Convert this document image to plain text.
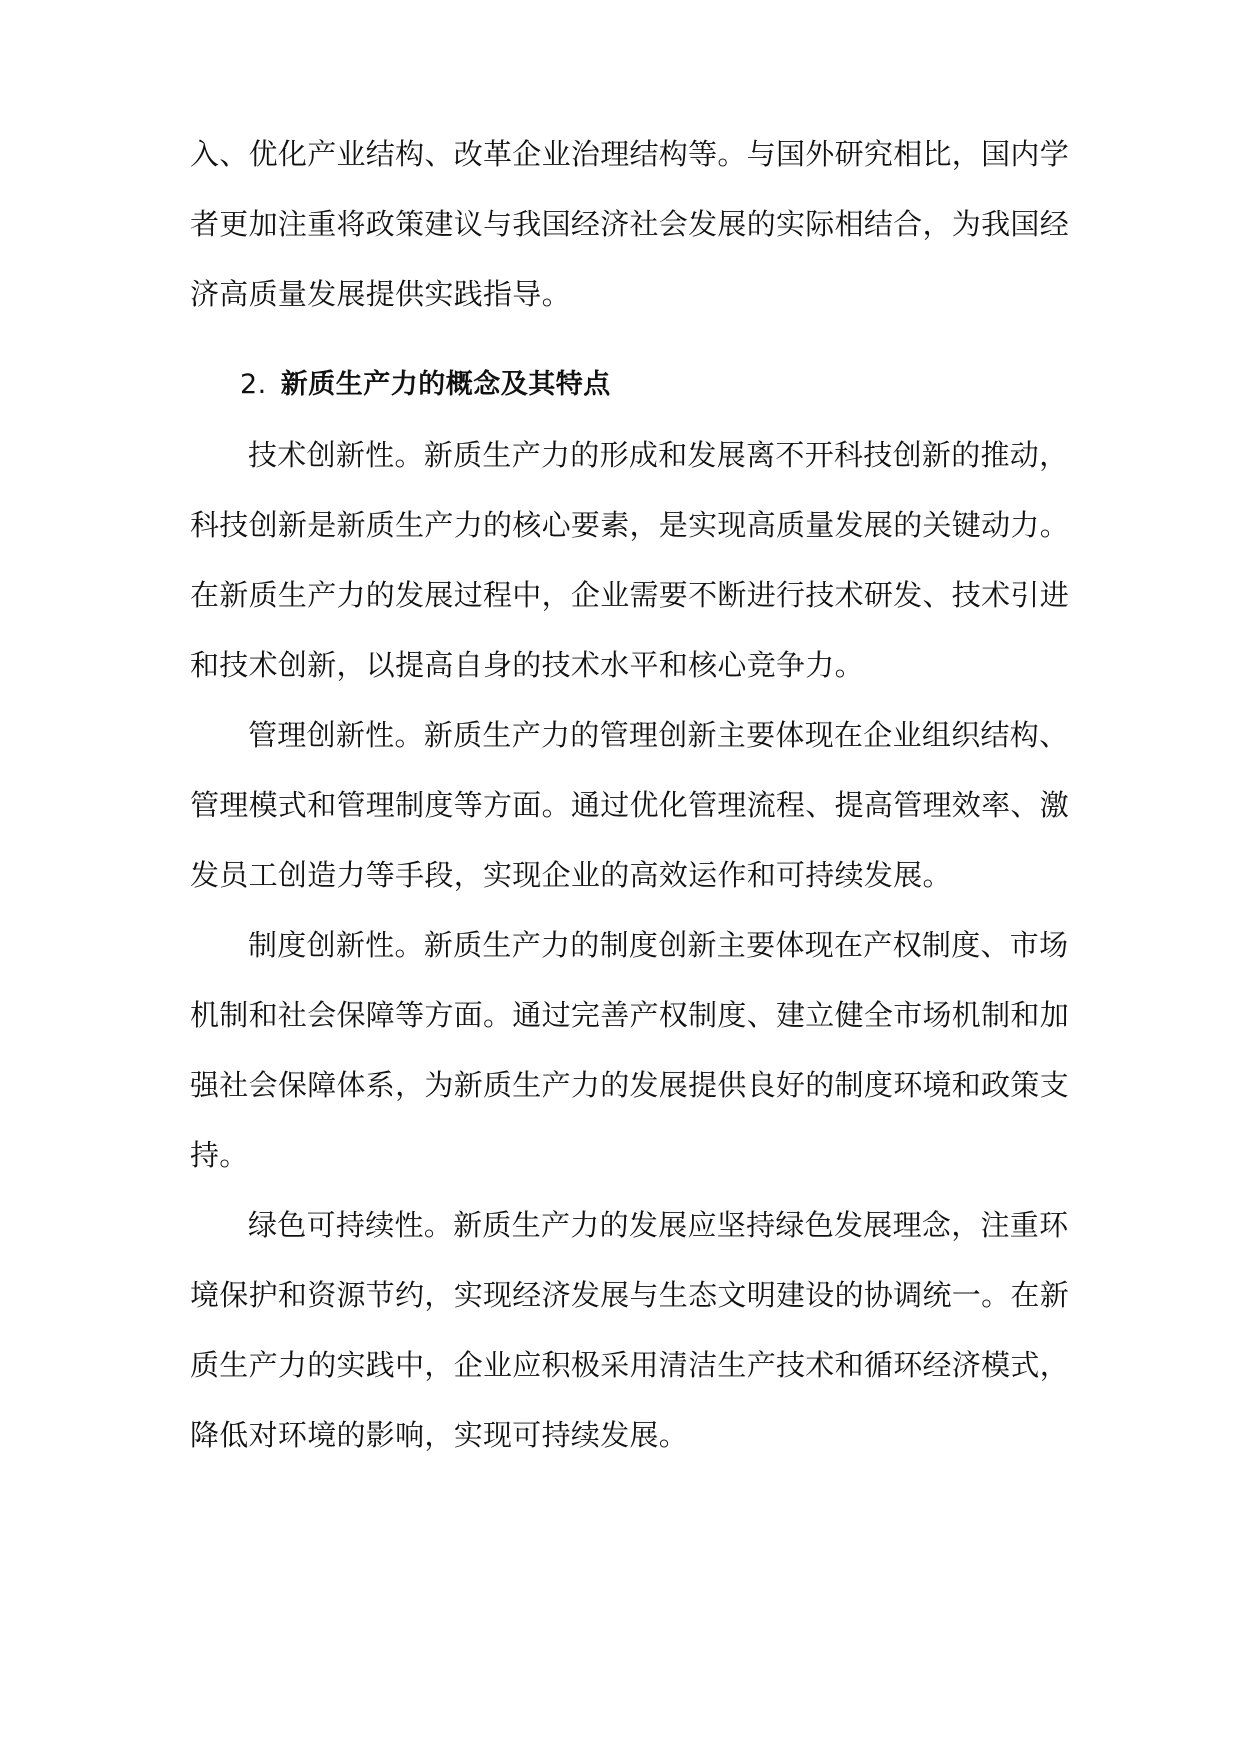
入、优化产业结构、改革企业治理结构等。与国外研究相比，国内学
者更加注重将政策建议与我国经济社会发展的实际相结合，为我国经
济高质量发展提供实践指导。
2. 新质生产力的概念及其特点
技术创新性。新质生产力的形成和发展离不开科技创新的推动，
科技创新是新质生产力的核心要素，是实现高质量发展的关键动力。
在新质生产力的发展过程中，企业需要不断进行技术研发、技术引进
和技术创新，以提高自身的技术水平和核心竞争力。
管理创新性。新质生产力的管理创新主要体现在企业组织结构、
管理模式和管理制度等方面。通过优化管理流程、提高管理效率、激
发员工创造力等手段，实现企业的高效运作和可持续发展。
制度创新性。新质生产力的制度创新主要体现在产权制度、市场
机制和社会保障等方面。通过完善产权制度、建立健全市场机制和加
强社会保障体系，为新质生产力的发展提供良好的制度环境和政策支
持。
绿色可持续性。新质生产力的发展应坚持绿色发展理念，注重环
境保护和资源节约，实现经济发展与生态文明建设的协调统一。在新
质生产力的实践中，企业应积极采用清洁生产技术和循环经济模式，
降低对环境的影响，实现可持续发展。
